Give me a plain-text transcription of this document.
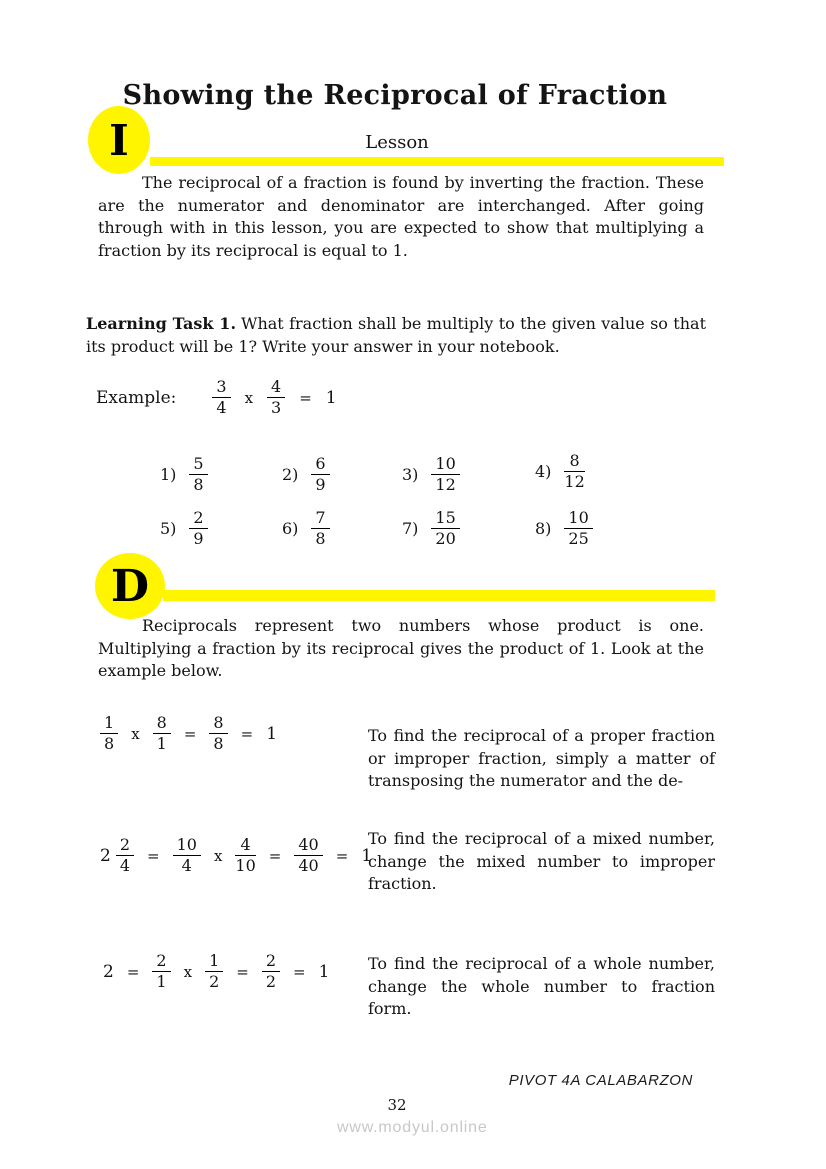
Showing the Reciprocal of Fraction
I	Lesson

The reciprocal of a fraction is found by inverting the fraction. These are the numerator and denominator are interchanged. After going through with in this lesson, you are expected to show that multiplying a fraction by its reciprocal is equal to 1.

Learning Task 1. What fraction shall be multiply to the given value so that its product will be 1? Write your answer in your notebook.

Example: $\frac{3}{4}$ x $\frac{4}{3} = 1$
$1) \frac{5}{8}$	$2) \frac{6}{9}$	$3) \frac{10}{12}$	$4) \frac{8}{12}$
$5) \frac{2}{9}$	$6) \frac{7}{8}$	$7) \frac{15}{20}$	$8) \frac{10}{25}$
D

Reciprocals represent two numbers whose product is one. Multiplying a fraction by its reciprocal gives the product of 1. Look at the example below.

$\frac{1}{8}$ x $\frac{8}{1} = \frac{8}{8} = 1$	To find the reciprocal of a proper fraction or improper fraction, simply a matter of transposing the numerator and the de-

$2 \frac{2}{4} = \frac{10}{4}$ x $\frac{4}{10} = \frac{40}{40} = 1$

To find the reciprocal of a mixed number, change the mixed number to improper fraction.

$2 = \frac{2}{1}$ x $\frac{1}{2} = \frac{2}{2} = 1$ To find the reciprocal of a whole number, change the whole number to fraction form.

PIVOT 4A CALABARZON
32
www.modyul.online
